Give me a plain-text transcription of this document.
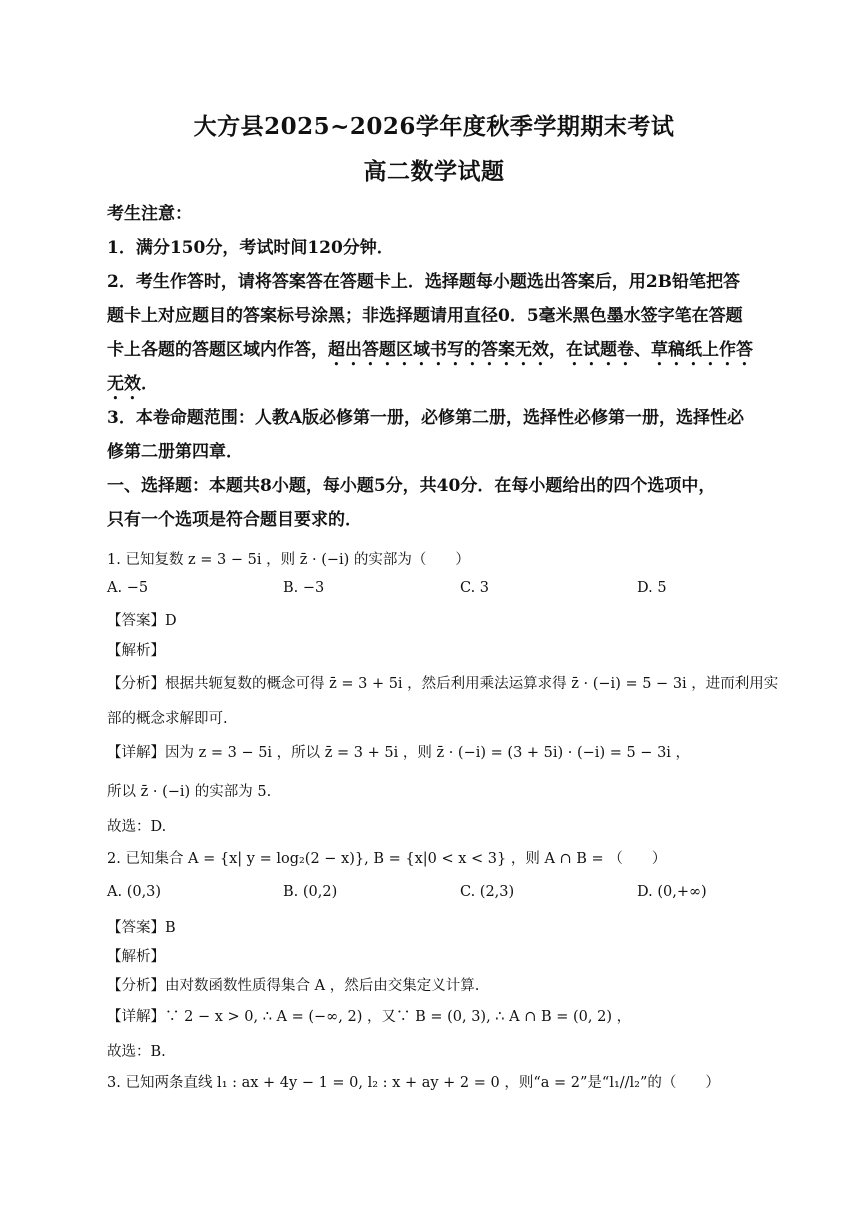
大方县2025~2026学年度秋季学期期末考试
高二数学试题
考生注意：
1．满分150分，考试时间120分钟．
2．考生作答时，请将答案答在答题卡上．选择题每小题选出答案后，用2B铅笔把答
题卡上对应题目的答案标号涂黑；非选择题请用直径0．5毫米黑色墨水签字笔在答题
卡上各题的答题区域内作答，超出答题区域书写的答案无效，在试题卷、草稿纸上作答
无效．
3．本卷命题范围：人教A版必修第一册，必修第二册，选择性必修第一册，选择性必
修第二册第四章．
一、选择题：本题共8小题，每小题5分，共40分．在每小题给出的四个选项中，
只有一个选项是符合题目要求的．
1. 已知复数 z = 3 − 5i ，则 z̄ · (−i) 的实部为（　　）
A. −5	B. −3	C. 3	D. 5
【答案】D
【解析】
【分析】根据共轭复数的概念可得 z̄ = 3 + 5i ，然后利用乘法运算求得 z̄ · (−i) = 5 − 3i ，进而利用实
部的概念求解即可.
【详解】因为 z = 3 − 5i ，所以 z̄ = 3 + 5i ，则 z̄ · (−i) = (3 + 5i) · (−i) = 5 − 3i ，
所以 z̄ · (−i) 的实部为 5.
故选：D.
2. 已知集合 A = {x| y = log₂(2 − x)}, B = {x|0 < x < 3} ，则 A ∩ B = （　　）
A. (0,3)	B. (0,2)	C. (2,3)	D. (0,+∞)
【答案】B
【解析】
【分析】由对数函数性质得集合 A ，然后由交集定义计算.
【详解】∵ 2 − x > 0, ∴ A = (−∞, 2) ，又∵ B = (0, 3), ∴ A ∩ B = (0, 2) ，
故选：B.
3. 已知两条直线 l₁ : ax + 4y − 1 = 0, l₂ : x + ay + 2 = 0 ，则“a = 2”是“l₁//l₂”的（　　）
